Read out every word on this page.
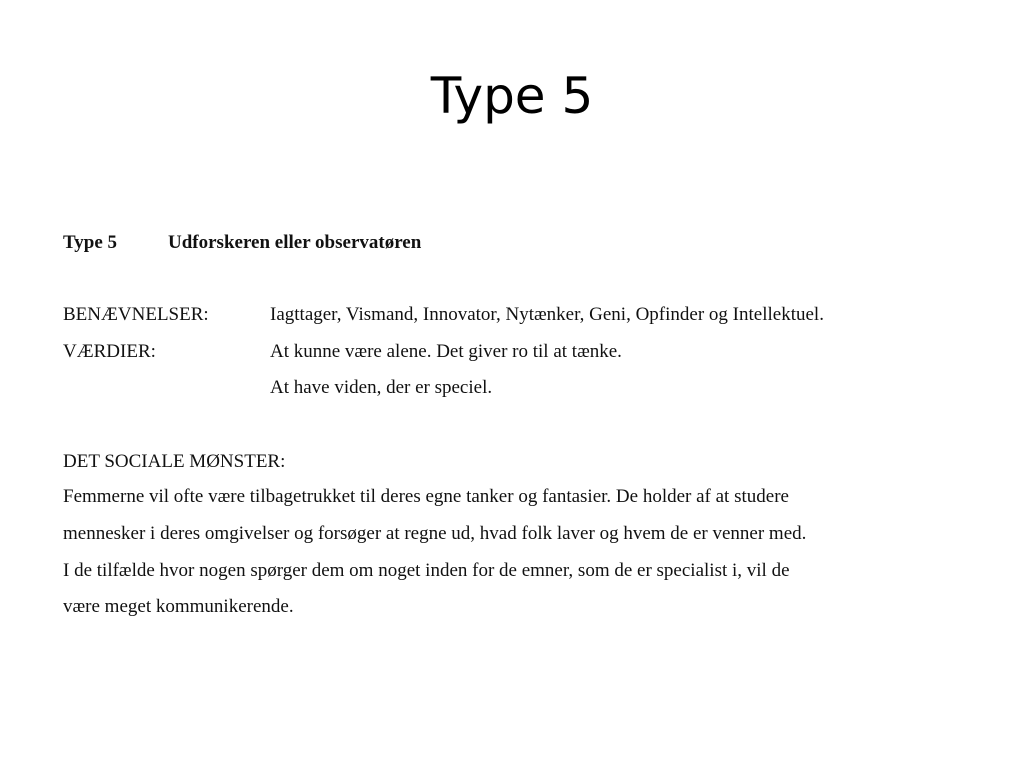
Type 5
Type 5	Udforskeren eller observatøren
BENÆVNELSER:	Iagttager, Vismand, Innovator, Nytænker, Geni, Opfinder og Intellektuel.
VÆRDIER:	At kunne være alene. Det giver ro til at tænke.
At have viden, der er speciel.
DET SOCIALE MØNSTER:
Femmerne vil ofte være tilbagetrukket til deres egne tanker og fantasier. De holder af at studere
mennesker i deres omgivelser og forsøger at regne ud, hvad folk laver og hvem de er venner med.
I de tilfælde hvor nogen spørger dem om noget inden for de emner, som de er specialist i, vil de
være meget kommunikerende.
